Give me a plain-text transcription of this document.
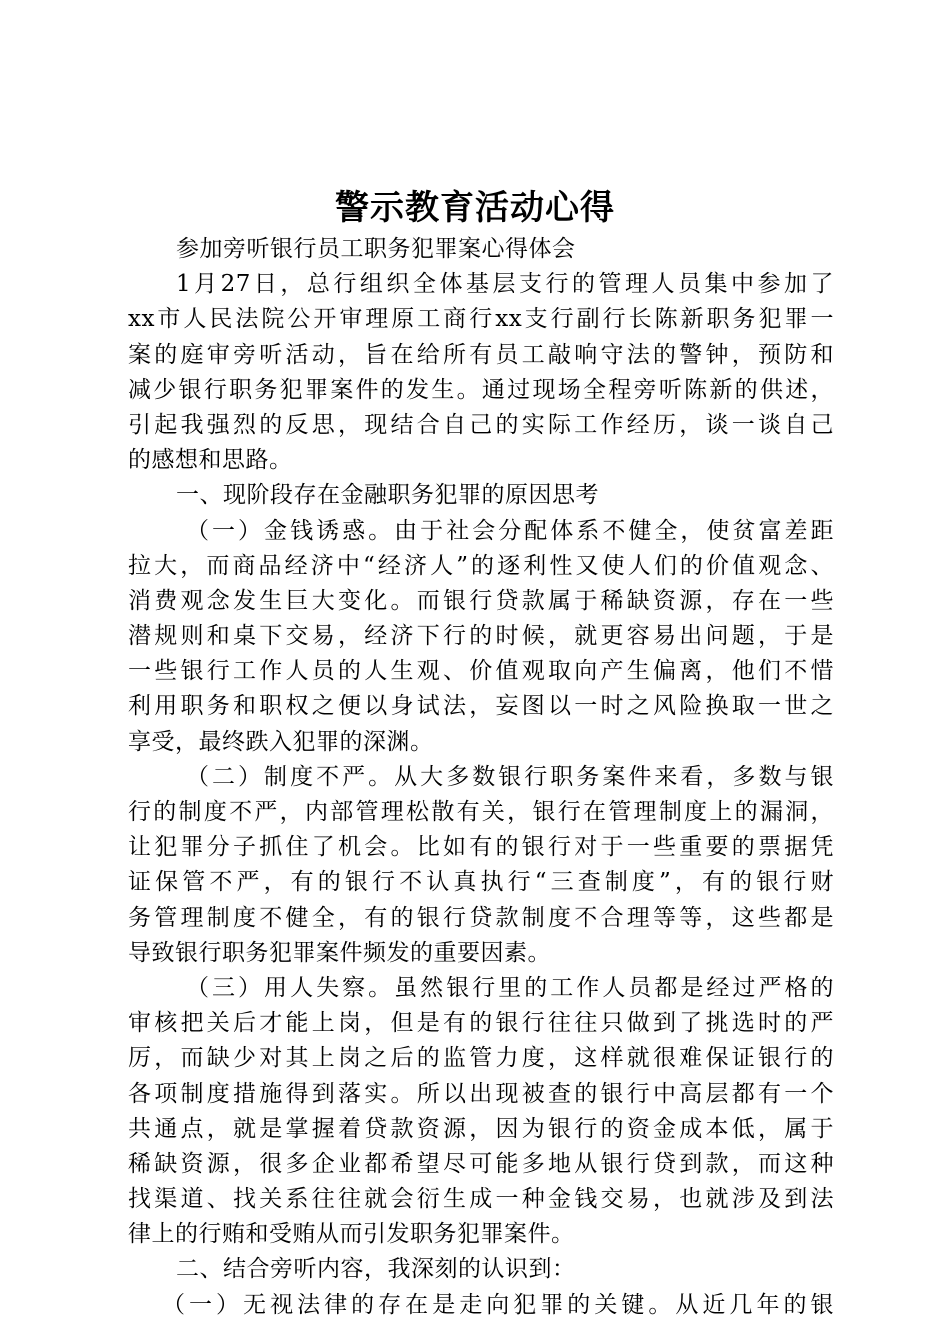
警示教育活动心得
参加旁听银行员工职务犯罪案心得体会
1月27日，总行组织全体基层支行的管理人员集中参加了
xx市人民法院公开审理原工商行xx支行副行长陈新职务犯罪一
案的庭审旁听活动，旨在给所有员工敲响守法的警钟，预防和
减少银行职务犯罪案件的发生。通过现场全程旁听陈新的供述，
引起我强烈的反思，现结合自己的实际工作经历，谈一谈自己
的感想和思路。
一、现阶段存在金融职务犯罪的原因思考
（一）金钱诱惑。由于社会分配体系不健全，使贫富差距
拉大，而商品经济中“经济人”的逐利性又使人们的价值观念、
消费观念发生巨大变化。而银行贷款属于稀缺资源，存在一些
潜规则和桌下交易，经济下行的时候，就更容易出问题，于是
一些银行工作人员的人生观、价值观取向产生偏离，他们不惜
利用职务和职权之便以身试法，妄图以一时之风险换取一世之
享受，最终跌入犯罪的深渊。
（二）制度不严。从大多数银行职务案件来看，多数与银
行的制度不严，内部管理松散有关，银行在管理制度上的漏洞，
让犯罪分子抓住了机会。比如有的银行对于一些重要的票据凭
证保管不严，有的银行不认真执行“三查制度”，有的银行财
务管理制度不健全，有的银行贷款制度不合理等等，这些都是
导致银行职务犯罪案件频发的重要因素。
（三）用人失察。虽然银行里的工作人员都是经过严格的
审核把关后才能上岗，但是有的银行往往只做到了挑选时的严
厉，而缺少对其上岗之后的监管力度，这样就很难保证银行的
各项制度措施得到落实。所以出现被查的银行中高层都有一个
共通点，就是掌握着贷款资源，因为银行的资金成本低，属于
稀缺资源，很多企业都希望尽可能多地从银行贷到款，而这种
找渠道、找关系往往就会衍生成一种金钱交易，也就涉及到法
律上的行贿和受贿从而引发职务犯罪案件。
二、结合旁听内容，我深刻的认识到：
（一）无视法律的存在是走向犯罪的关键。从近几年的银
